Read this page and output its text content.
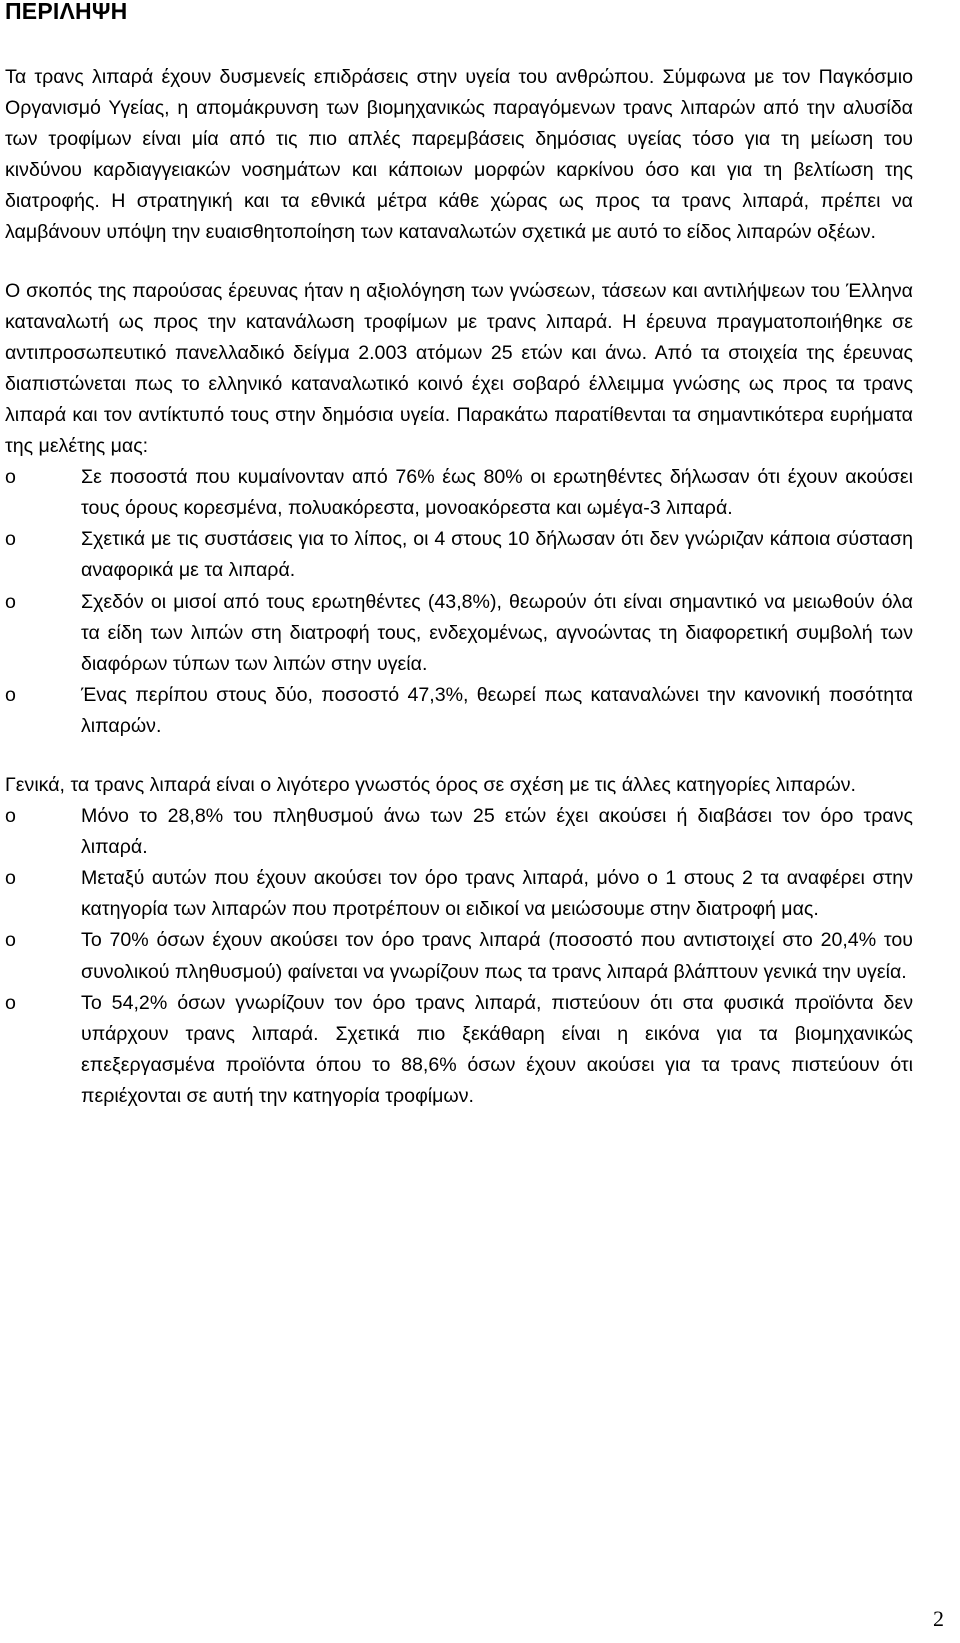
ΠΕΡΙΛΗΨΗ

Τα τρανς λιπαρά έχουν δυσμενείς επιδράσεις στην υγεία του ανθρώπου. Σύμφωνα με τον Παγκόσμιο Οργανισμό Υγείας, η απομάκρυνση των βιομηχανικώς παραγόμενων τρανς λιπαρών από την αλυσίδα των τροφίμων είναι μία από τις πιο απλές παρεμβάσεις δημόσιας υγείας τόσο για τη μείωση του κινδύνου καρδιαγγειακών νοσημάτων και κάποιων μορφών καρκίνου όσο και για τη βελτίωση της διατροφής. Η στρατηγική και τα εθνικά μέτρα κάθε χώρας ως προς τα τρανς λιπαρά, πρέπει να λαμβάνουν υπόψη την ευαισθητοποίηση των καταναλωτών σχετικά με αυτό το είδος λιπαρών οξέων.

Ο σκοπός της παρούσας έρευνας ήταν η αξιολόγηση των γνώσεων, τάσεων και αντιλήψεων του Έλληνα καταναλωτή ως προς την κατανάλωση τροφίμων με τρανς λιπαρά. Η έρευνα πραγματοποιήθηκε σε αντιπροσωπευτικό πανελλαδικό δείγμα 2.003 ατόμων 25 ετών και άνω. Από τα στοιχεία της έρευνας διαπιστώνεται πως το ελληνικό καταναλωτικό κοινό έχει σοβαρό έλλειμμα γνώσης ως προς τα τρανς λιπαρά και τον αντίκτυπό τους στην δημόσια υγεία. Παρακάτω παρατίθενται τα σημαντικότερα ευρήματα της μελέτης μας:

o	Σε ποσοστά που κυμαίνονταν από 76% έως 80% οι ερωτηθέντες δήλωσαν ότι έχουν ακούσει τους όρους κορεσμένα, πολυακόρεστα, μονοακόρεστα και ωμέγα-3 λιπαρά.
o	Σχετικά με τις συστάσεις για το λίπος, οι 4 στους 10 δήλωσαν ότι δεν γνώριζαν κάποια σύσταση αναφορικά με τα λιπαρά.
o	Σχεδόν οι μισοί από τους ερωτηθέντες (43,8%), θεωρούν ότι είναι σημαντικό να μειωθούν όλα τα είδη των λιπών στη διατροφή τους, ενδεχομένως, αγνοώντας τη διαφορετική συμβολή των διαφόρων τύπων των λιπών στην υγεία.
o	Ένας περίπου στους δύο, ποσοστό 47,3%, θεωρεί πως καταναλώνει την κανονική ποσότητα λιπαρών.

Γενικά, τα τρανς λιπαρά είναι ο λιγότερο γνωστός όρος σε σχέση με τις άλλες κατηγορίες λιπαρών.

o	Μόνο το 28,8% του πληθυσμού άνω των 25 ετών έχει ακούσει ή διαβάσει τον όρο τρανς λιπαρά.
o	Μεταξύ αυτών που έχουν ακούσει τον όρο τρανς λιπαρά, μόνο ο 1 στους 2 τα αναφέρει στην κατηγορία των λιπαρών που προτρέπουν οι ειδικοί να μειώσουμε στην διατροφή μας.
o	Το 70% όσων έχουν ακούσει τον όρο τρανς λιπαρά (ποσοστό που αντιστοιχεί στο 20,4% του συνολικού πληθυσμού) φαίνεται να γνωρίζουν πως τα τρανς λιπαρά βλάπτουν γενικά την υγεία.
o	Το 54,2% όσων γνωρίζουν τον όρο τρανς λιπαρά, πιστεύουν ότι στα φυσικά προϊόντα δεν υπάρχουν τρανς λιπαρά. Σχετικά πιο ξεκάθαρη είναι η εικόνα για τα βιομηχανικώς επεξεργασμένα προϊόντα όπου το 88,6% όσων έχουν ακούσει για τα τρανς πιστεύουν ότι περιέχονται σε αυτή την κατηγορία τροφίμων.
2
